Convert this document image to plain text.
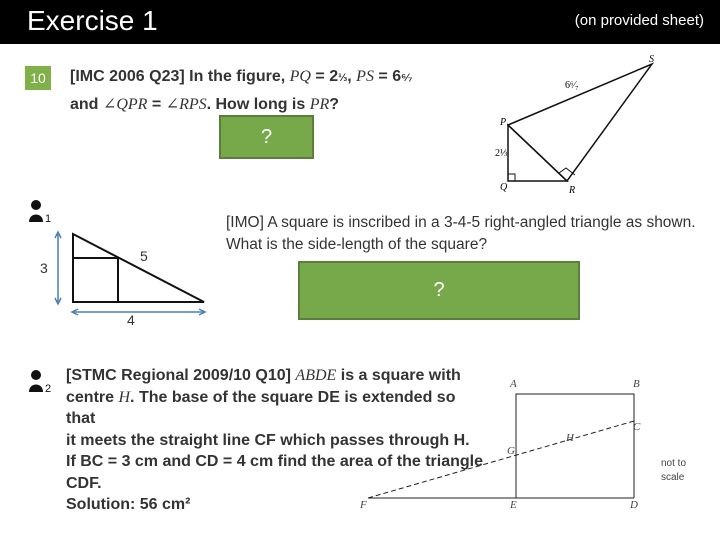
Exercise 1	(on provided sheet)
10	[IMC 2006 Q23] In the figure, PQ = 2⅓, PS = 6⁶⁄₇
and ∠QPR = ∠RPS. How long is PR?
?
P
Q	R
S
2⅓
6⁶⁄₇
1
5
3
4
[IMO] A square is inscribed in a 3-4-5 right-angled triangle as shown. What is the side-length of the square?
?
2
[STMC Regional 2009/10 Q10] ABDE is a square with
centre H. The base of the square DE is extended so that
it meets the straight line CF which passes through H.
If BC = 3 cm and CD = 4 cm find the area of the triangle
CDF.
Solution: 56 cm²
A	B
C
D
E
F
G
H
not to
scale
